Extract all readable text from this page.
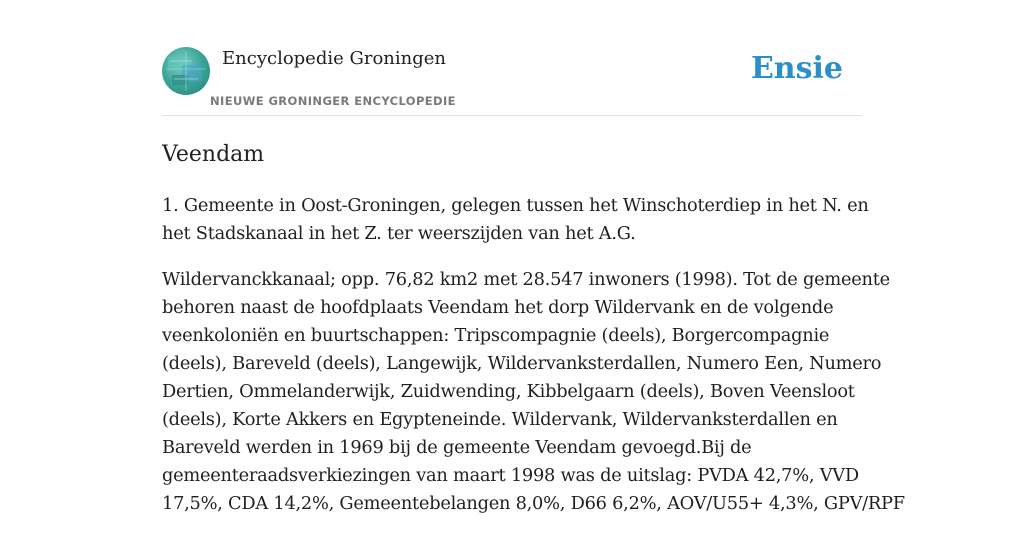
Encyclopedie Groningen
NIEUWE GRONINGER ENCYCLOPEDIE
Ensie
Veendam

1. Gemeente in Oost-Groningen, gelegen tussen het Winschoterdiep in het N. en
het Stadskanaal in het Z. ter weerszijden van het A.G.

Wildervanckkanaal; opp. 76,82 km2 met 28.547 inwoners (1998). Tot de gemeente
behoren naast de hoofdplaats Veendam het dorp Wildervank en de volgende
veenkoloniën en buurtschappen: Tripscompagnie (deels), Borgercompagnie
(deels), Bareveld (deels), Langewijk, Wildervanksterdallen, Numero Een, Numero
Dertien, Ommelanderwijk, Zuidwending, Kibbelgaarn (deels), Boven Veensloot
(deels), Korte Akkers en Egypteneinde. Wildervank, Wildervanksterdallen en
Bareveld werden in 1969 bij de gemeente Veendam gevoegd.Bij de
gemeenteraadsverkiezingen van maart 1998 was de uitslag: PVDA 42,7%, VVD
17,5%, CDA 14,2%, Gemeentebelangen 8,0%, D66 6,2%, AOV/U55+ 4,3%, GPV/RPF
